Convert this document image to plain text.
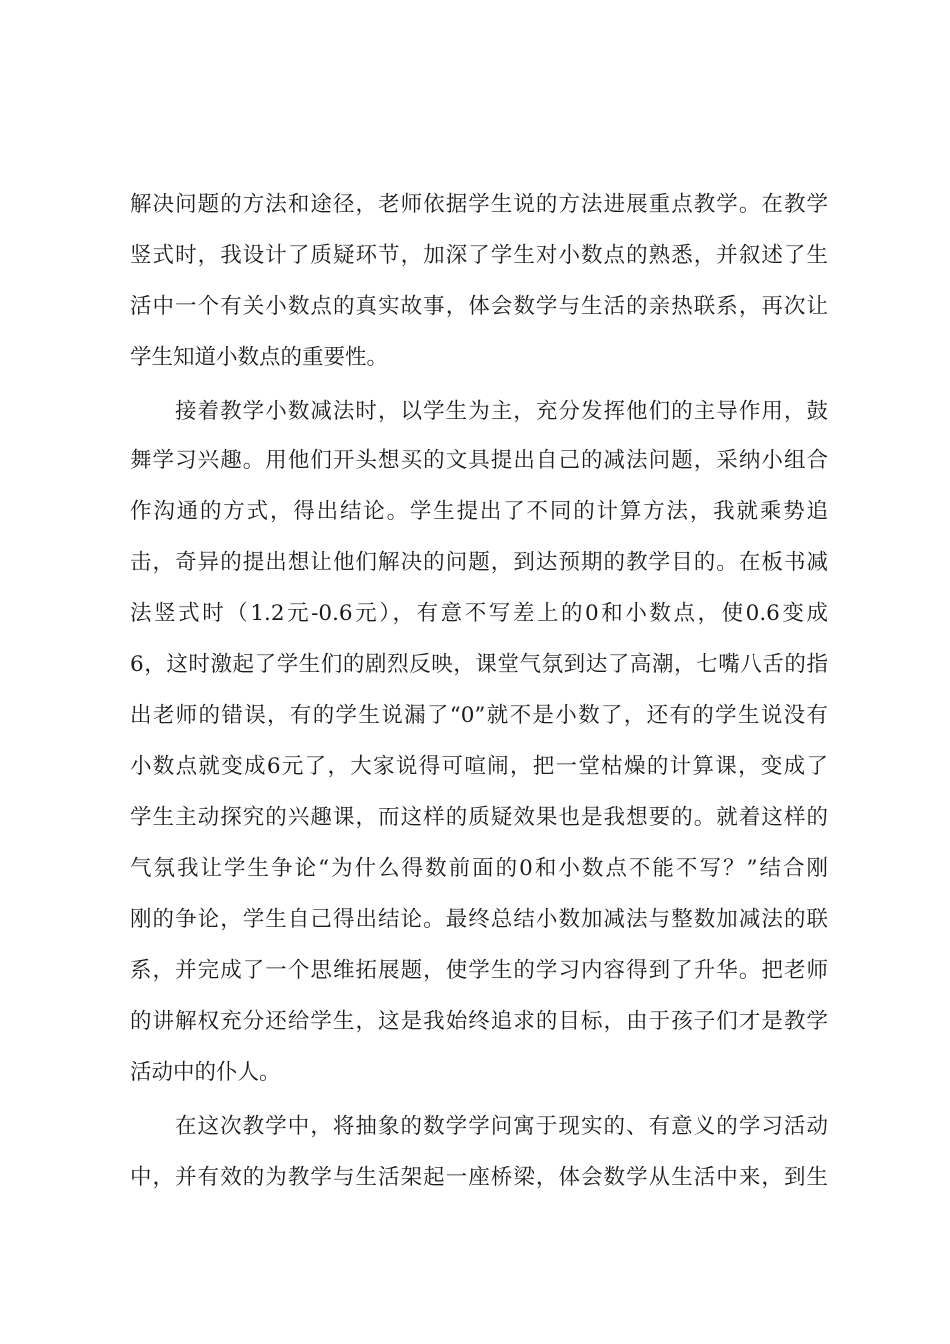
解决问题的方法和途径，老师依据学生说的方法进展重点教学。在教学
竖式时，我设计了质疑环节，加深了学生对小数点的熟悉，并叙述了生
活中一个有关小数点的真实故事，体会数学与生活的亲热联系，再次让
学生知道小数点的重要性。
接着教学小数减法时，以学生为主，充分发挥他们的主导作用，鼓
舞学习兴趣。用他们开头想买的文具提出自己的减法问题，采纳小组合
作沟通的方式，得出结论。学生提出了不同的计算方法，我就乘势追
击，奇异的提出想让他们解决的问题，到达预期的教学目的。在板书减
法竖式时（1.2元-0.6元），有意不写差上的0和小数点，使0.6变成
6，这时激起了学生们的剧烈反映，课堂气氛到达了高潮，七嘴八舌的指
出老师的错误，有的学生说漏了“0”就不是小数了，还有的学生说没有
小数点就变成6元了，大家说得可喧闹，把一堂枯燥的计算课，变成了
学生主动探究的兴趣课，而这样的质疑效果也是我想要的。就着这样的
气氛我让学生争论“为什么得数前面的0和小数点不能不写？”结合刚
刚的争论，学生自己得出结论。最终总结小数加减法与整数加减法的联
系，并完成了一个思维拓展题，使学生的学习内容得到了升华。把老师
的讲解权充分还给学生，这是我始终追求的目标，由于孩子们才是教学
活动中的仆人。
在这次教学中，将抽象的数学学问寓于现实的、有意义的学习活动
中，并有效的为教学与生活架起一座桥梁，体会数学从生活中来，到生
